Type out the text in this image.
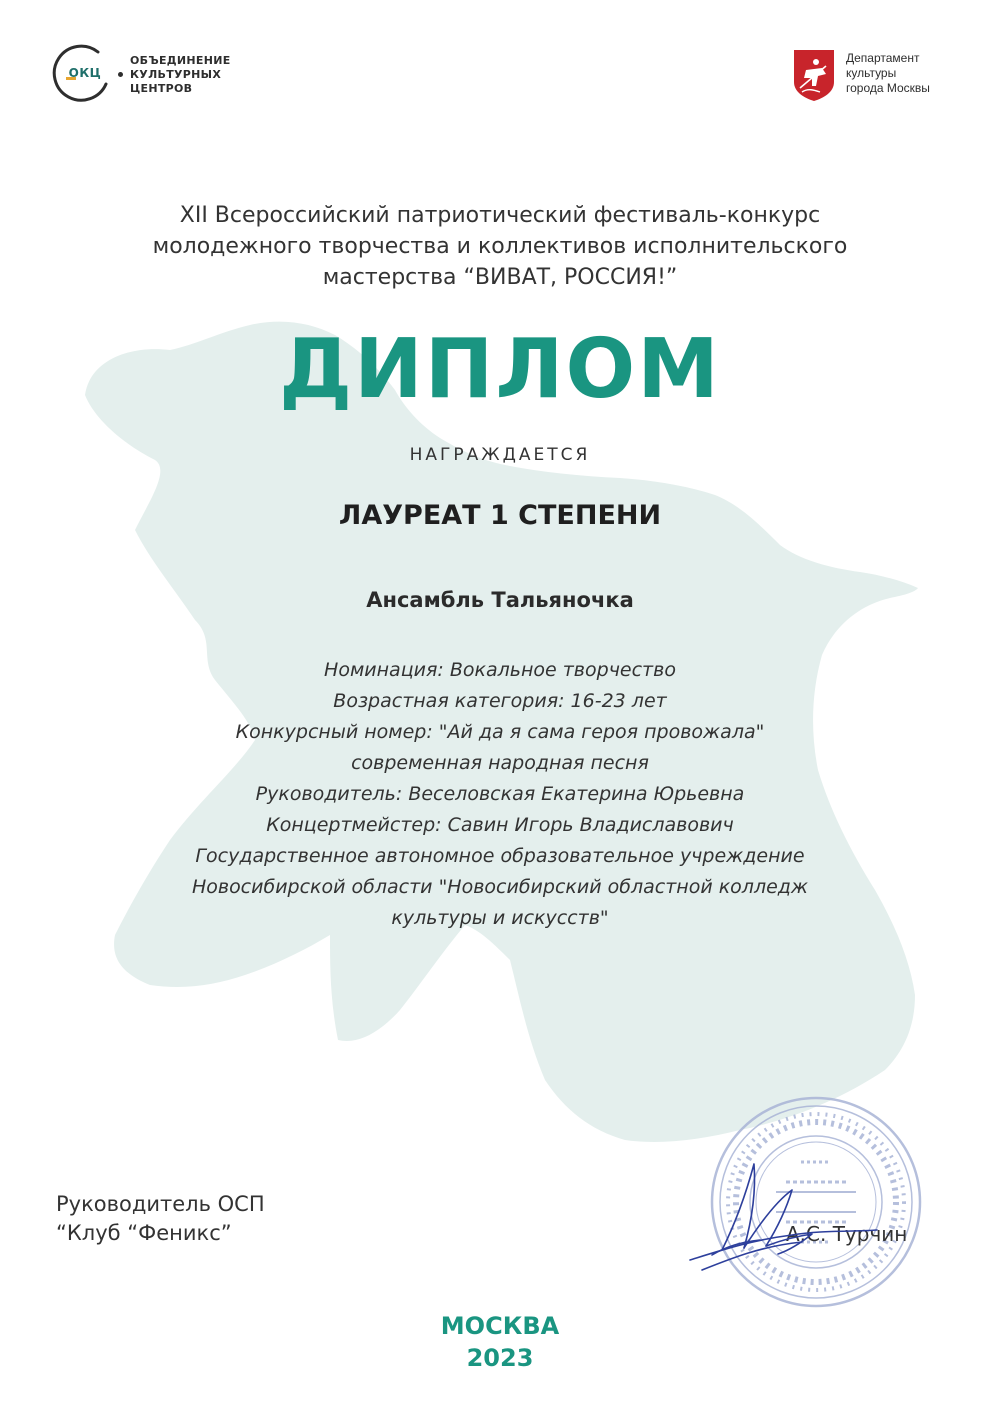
ОКЦ
ОБЪЕДИНЕНИЕ
КУЛЬТУРНЫХ
ЦЕНТРОВ
Департамент
культуры
города Москвы
XII Всероссийский патриотический фестиваль-конкурс
молодежного творчества и коллективов исполнительского
мастерства “ВИВАТ, РОССИЯ!”
ДИПЛОМ
НАГРАЖДАЕТСЯ
ЛАУРЕАТ 1 СТЕПЕНИ
Ансамбль Тальяночка
Номинация: Вокальное творчество
Возрастная категория: 16-23 лет
Конкурсный номер: "Ай да я сама героя провожала"
современная народная песня
Руководитель: Веселовская Екатерина Юрьевна
Концертмейстер: Савин Игорь Владиславович
Государственное автономное образовательное учреждение
Новосибирской области "Новосибирский областной колледж
культуры и искусств"
Руководитель ОСП
“Клуб “Феникс”	А.С. Турчин
МОСКВА
2023
